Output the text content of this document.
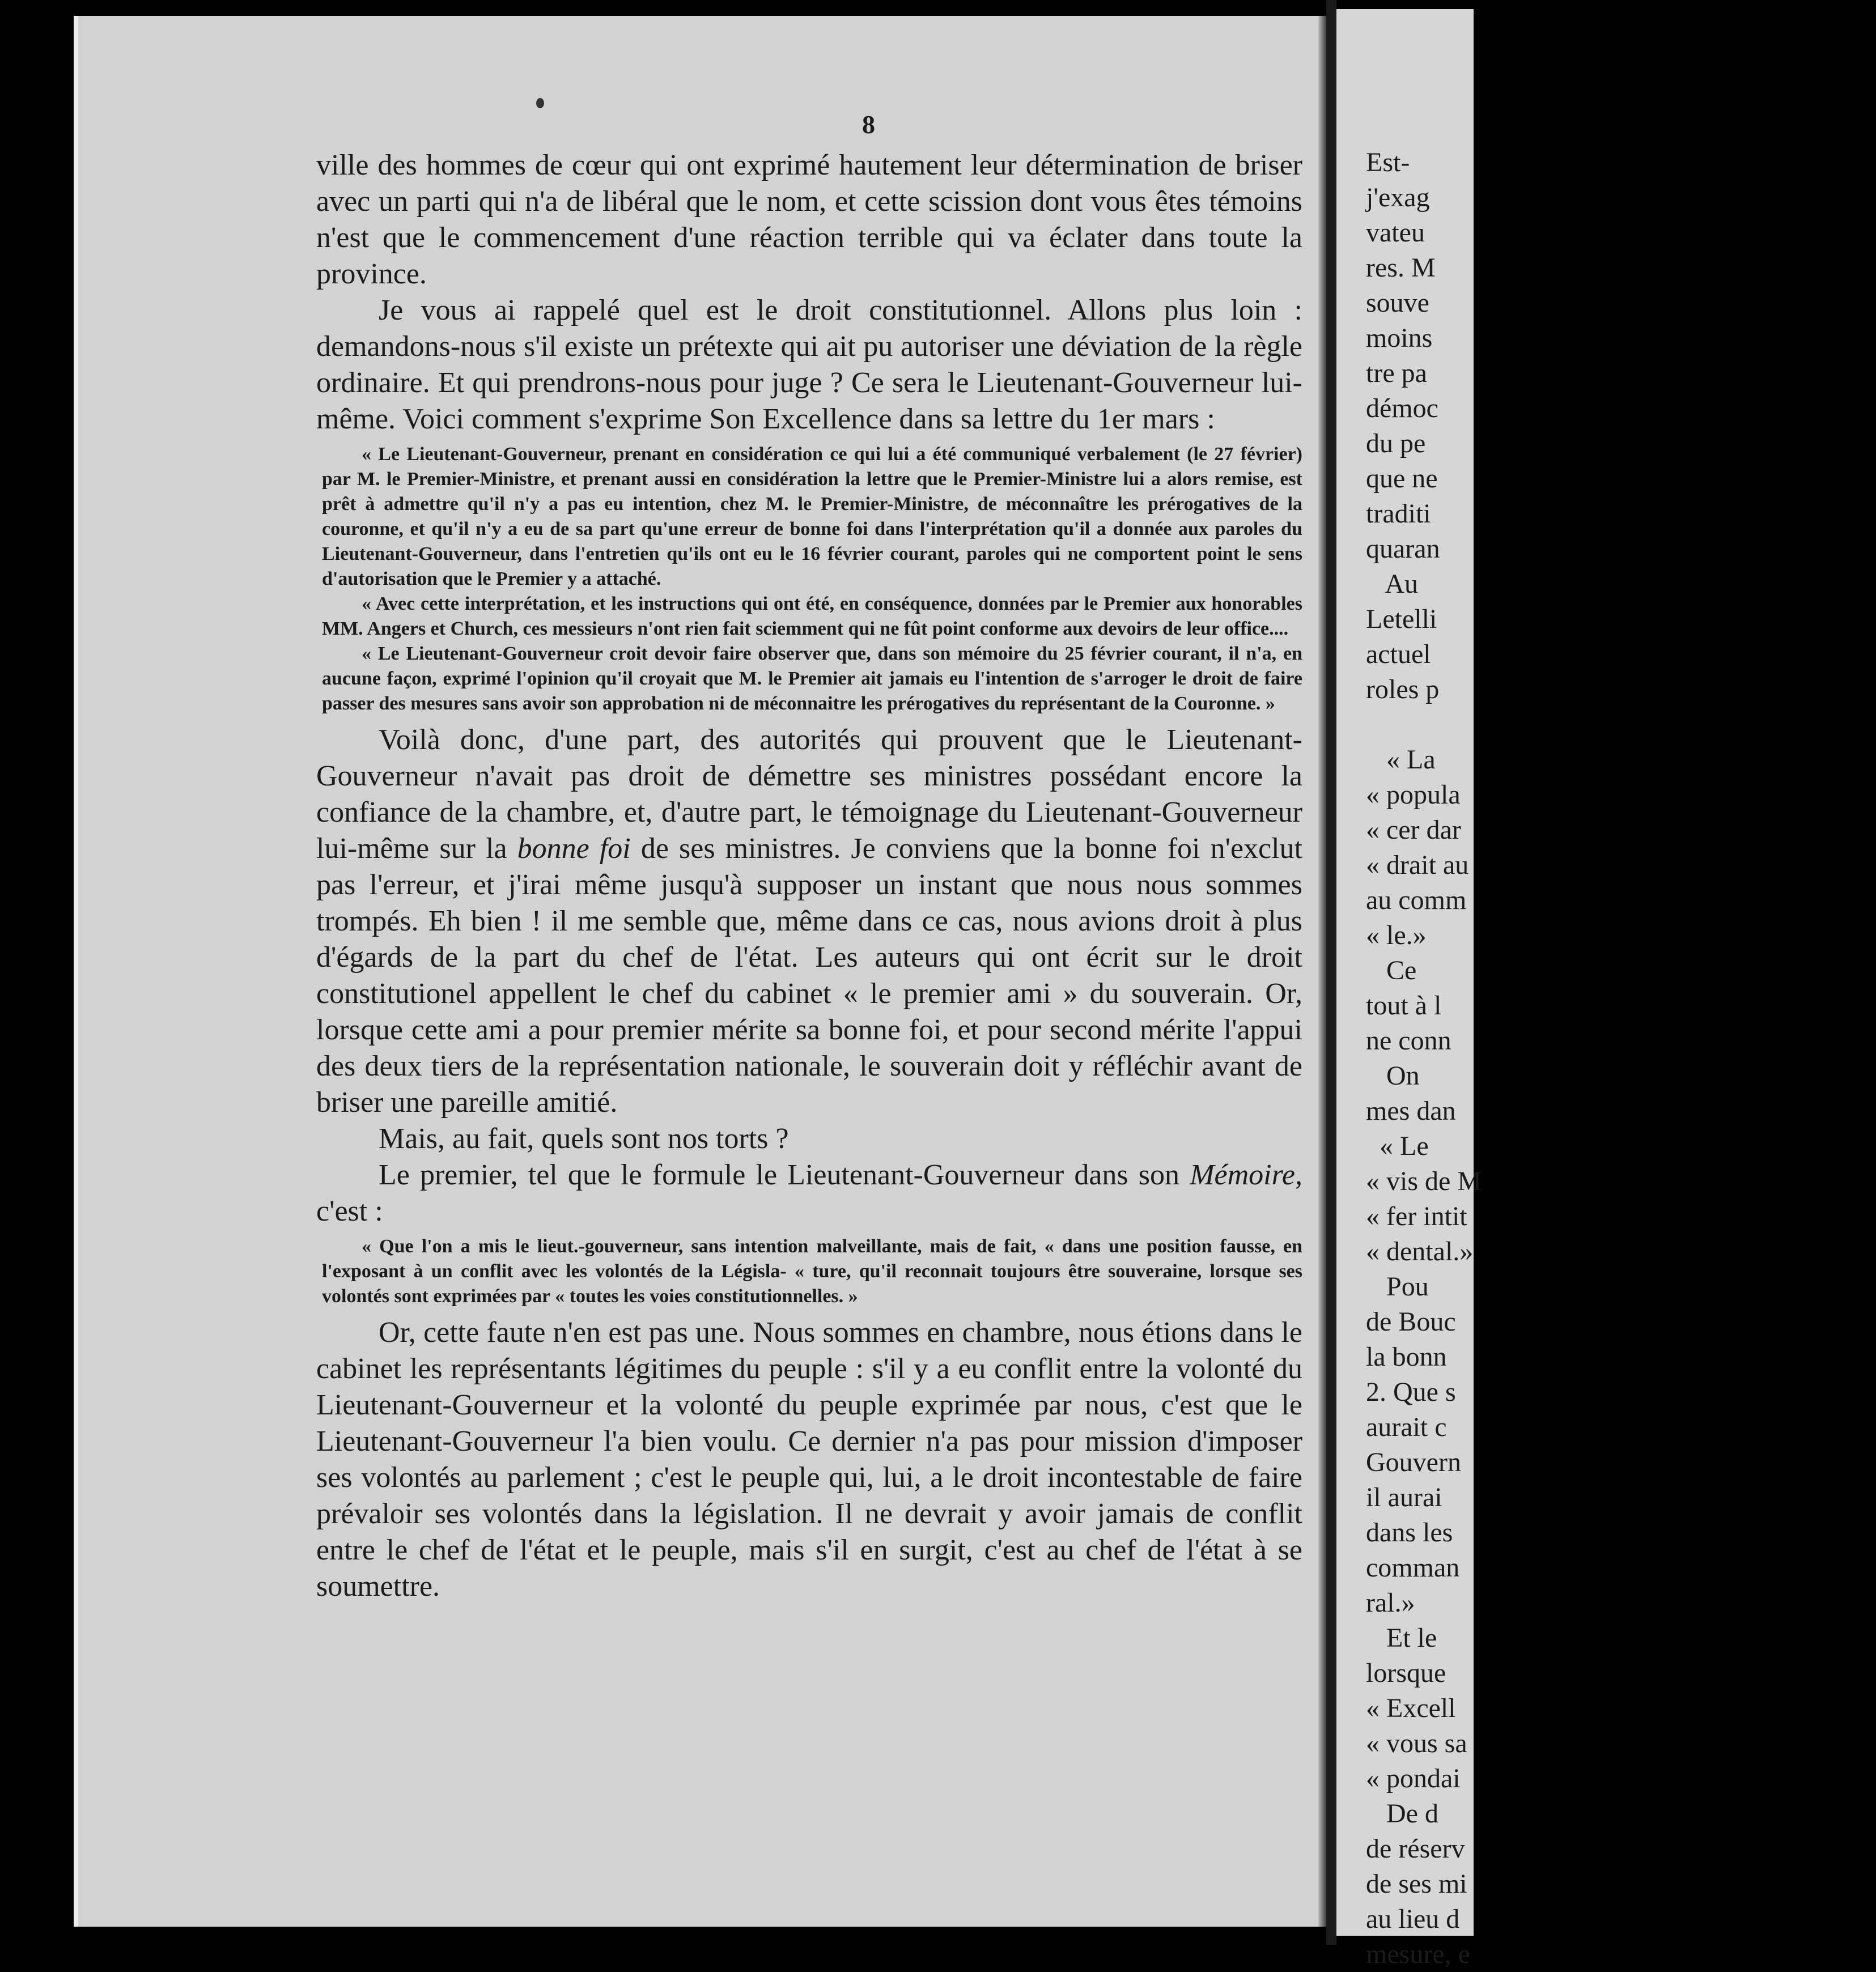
8

ville des hommes de cœur qui ont exprimé hautement leur détermination de briser avec un parti qui n'a de libéral que le nom, et cette scission dont vous êtes témoins n'est que le commencement d'une réaction terrible qui va éclater dans toute la province.

Je vous ai rappelé quel est le droit constitutionnel. Allons plus loin : demandons-nous s'il existe un prétexte qui ait pu autoriser une déviation de la règle ordinaire. Et qui prendrons-nous pour juge ? Ce sera le Lieutenant-Gouverneur lui-même. Voici comment s'exprime Son Excellence dans sa lettre du 1er mars :

« Le Lieutenant-Gouverneur, prenant en considération ce qui lui a été communiqué verbalement (le 27 février) par M. le Premier-Ministre, et prenant aussi en considération la lettre que le Premier-Ministre lui a alors remise, est prêt à admettre qu'il n'y a pas eu intention, chez M. le Premier-Ministre, de méconnaître les prérogatives de la couronne, et qu'il n'y a eu de sa part qu'une erreur de bonne foi dans l'interprétation qu'il a donnée aux paroles du Lieutenant-Gouverneur, dans l'entretien qu'ils ont eu le 16 février courant, paroles qui ne comportent point le sens d'autorisation que le Premier y a attaché.

« Avec cette interprétation, et les instructions qui ont été, en conséquence, données par le Premier aux honorables MM. Angers et Church, ces messieurs n'ont rien fait sciemment qui ne fût point conforme aux devoirs de leur office....

« Le Lieutenant-Gouverneur croit devoir faire observer que, dans son mémoire du 25 février courant, il n'a, en aucune façon, exprimé l'opinion qu'il croyait que M. le Premier ait jamais eu l'intention de s'arroger le droit de faire passer des mesures sans avoir son approbation ni de méconnaitre les prérogatives du représentant de la Couronne. »

Voilà donc, d'une part, des autorités qui prouvent que le Lieutenant-Gouverneur n'avait pas droit de démettre ses ministres possédant encore la confiance de la chambre, et, d'autre part, le témoignage du Lieutenant-Gouverneur lui-même sur la bonne foi de ses ministres. Je conviens que la bonne foi n'exclut pas l'erreur, et j'irai même jusqu'à supposer un instant que nous nous sommes trompés. Eh bien ! il me semble que, même dans ce cas, nous avions droit à plus d'égards de la part du chef de l'état. Les auteurs qui ont écrit sur le droit constitutionel appellent le chef du cabinet « le premier ami » du souverain. Or, lorsque cette ami a pour premier mérite sa bonne foi, et pour second mérite l'appui des deux tiers de la représentation nationale, le souverain doit y réfléchir avant de briser une pareille amitié.

Mais, au fait, quels sont nos torts ?

Le premier, tel que le formule le Lieutenant-Gouverneur dans son Mémoire, c'est :

« Que l'on a mis le lieut.-gouverneur, sans intention malveillante, mais de fait, « dans une position fausse, en l'exposant à un conflit avec les volontés de la Législa- « ture, qu'il reconnait toujours être souveraine, lorsque ses volontés sont exprimées par « toutes les voies constitutionnelles. »

Or, cette faute n'en est pas une. Nous sommes en chambre, nous étions dans le cabinet les représentants légitimes du peuple : s'il y a eu conflit entre la volonté du Lieutenant-Gouverneur et la volonté du peuple exprimée par nous, c'est que le Lieutenant-Gouverneur l'a bien voulu. Ce dernier n'a pas pour mission d'imposer ses volontés au parlement ; c'est le peuple qui, lui, a le droit incontestable de faire prévaloir ses volontés dans la législation. Il ne devrait y avoir jamais de conflit entre le chef de l'état et le peuple, mais s'il en surgit, c'est au chef de l'état à se soumettre.

Est-
j'exag
vateu
res. M
souve
moins
tre pa
démoc
du pe
que ne
traditi
quaran
Au
Letelli
actuel
roles p

« La
« popula
« cer dar
« drait au
au comm
« le.»
Ce
tout à l
ne conn
On
mes dan
« Le
« vis de M
« fer intit
« dental.»
Pou
de Bouc
la bonn
2. Que s
aurait c
Gouvern
il aurai
dans les
comman
ral.»
Et le
lorsque
« Excell
« vous sa
« pondai
De d
de réserv
de ses mi
au lieu d
mesure, e
